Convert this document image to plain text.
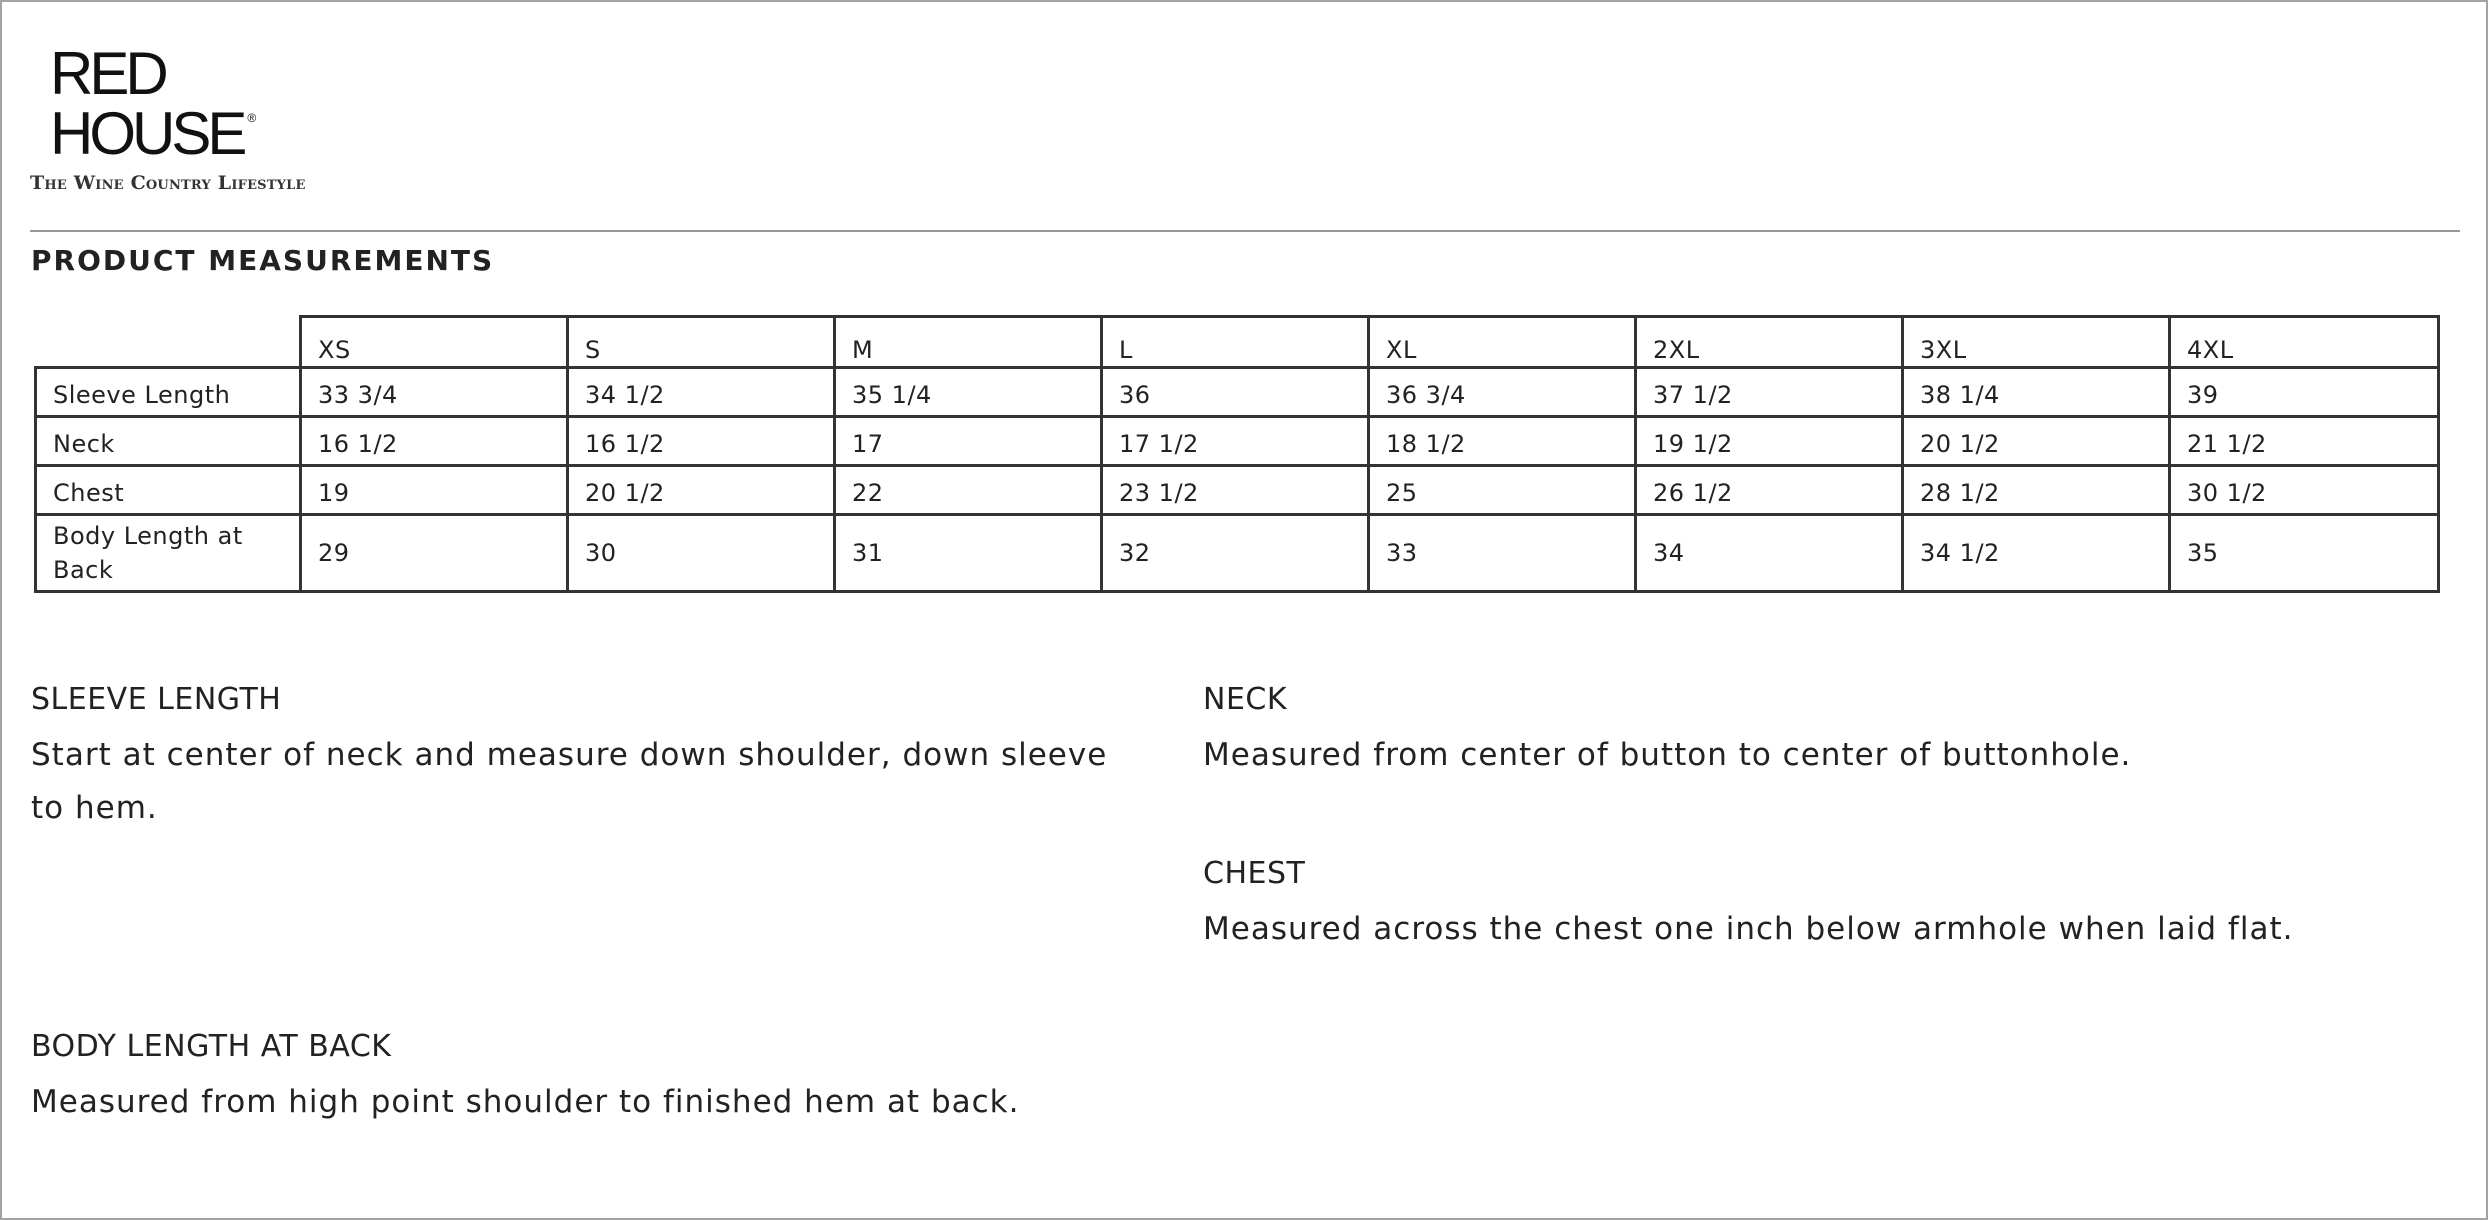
RED HOUSE ®
The Wine Country Lifestyle
PRODUCT MEASUREMENTS
	XS	S	M	L	XL	2XL	3XL	4XL
Sleeve Length	33 3/4	34 1/2	35 1/4	36	36 3/4	37 1/2	38 1/4	39
Neck	16 1/2	16 1/2	17	17 1/2	18 1/2	19 1/2	20 1/2	21 1/2
Chest	19	20 1/2	22	23 1/2	25	26 1/2	28 1/2	30 1/2
Body Length at Back	29	30	31	32	33	34	34 1/2	35
SLEEVE LENGTH
Start at center of neck and measure down shoulder, down sleeve to hem.
NECK
Measured from center of button to center of buttonhole.
CHEST
Measured across the chest one inch below armhole when laid flat.
BODY LENGTH AT BACK
Measured from high point shoulder to finished hem at back.
